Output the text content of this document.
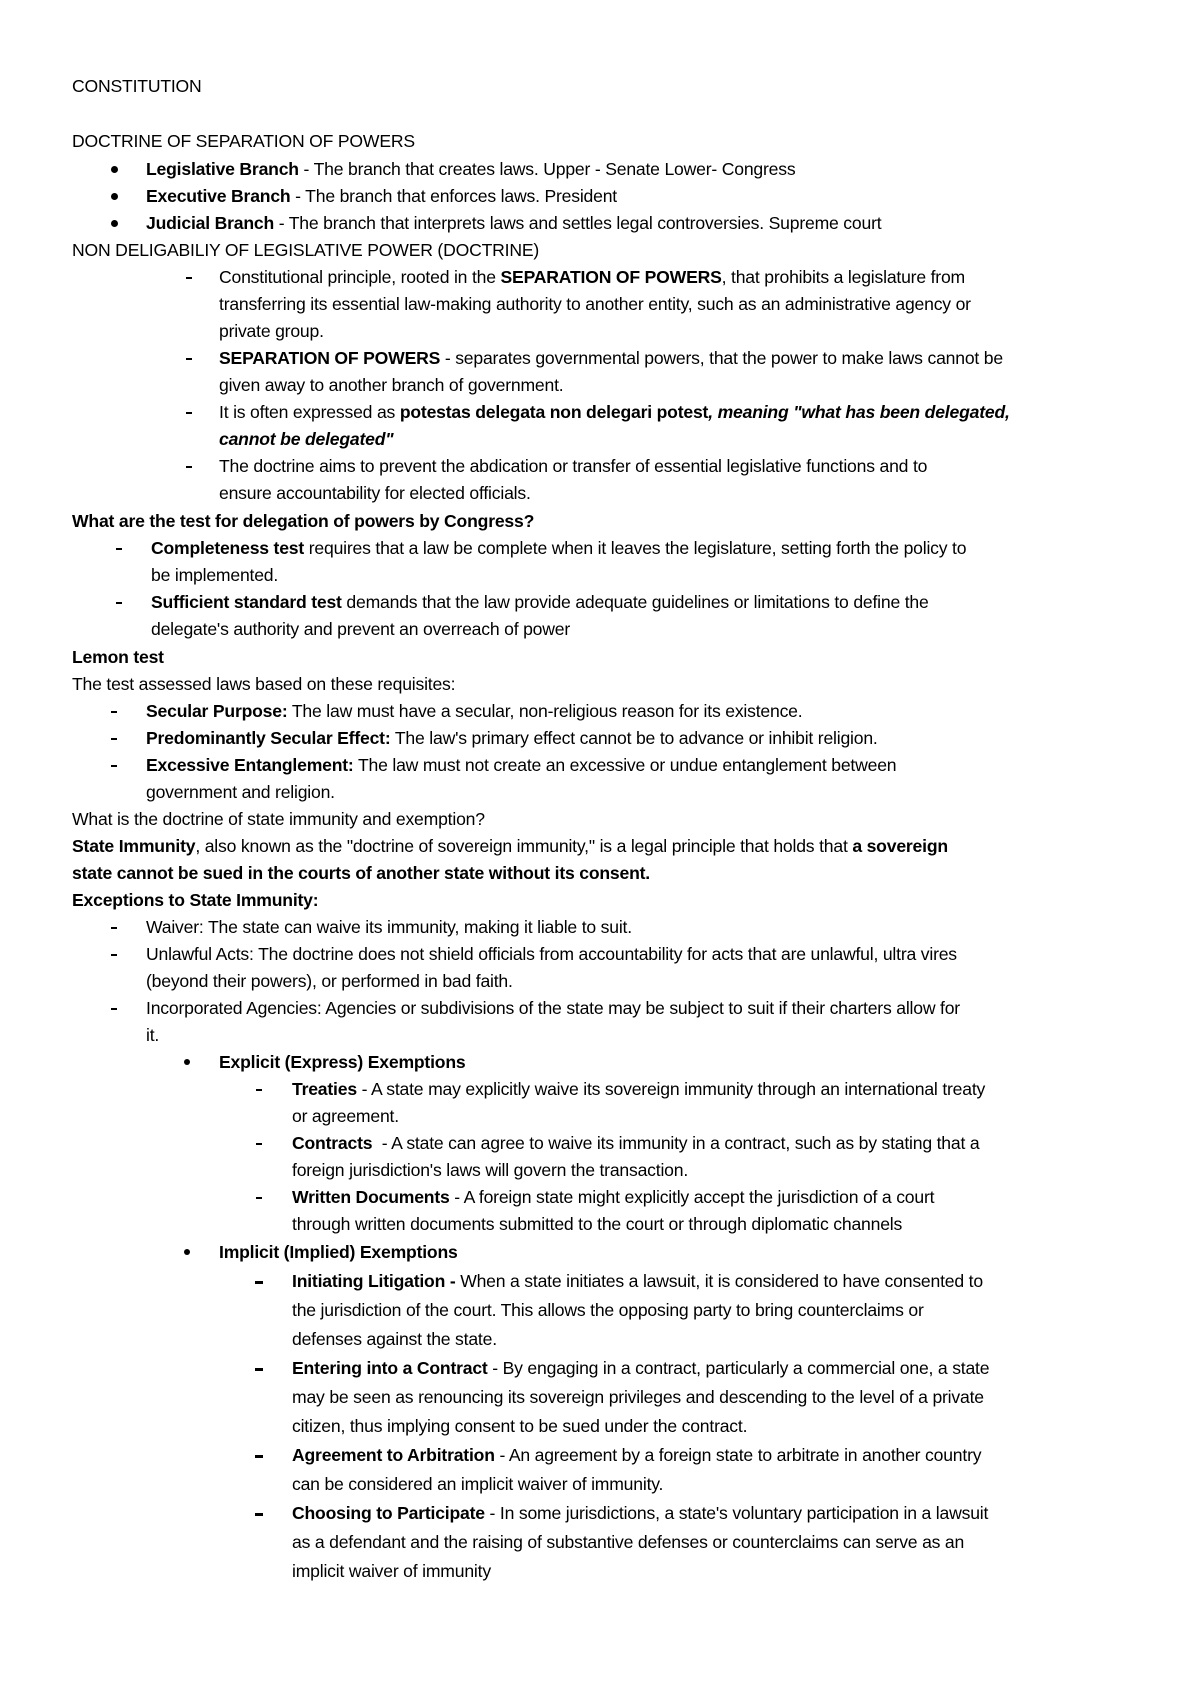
CONSTITUTION
DOCTRINE OF SEPARATION OF POWERS
Legislative Branch - The branch that creates laws. Upper - Senate Lower- Congress
Executive Branch - The branch that enforces laws. President
Judicial Branch - The branch that interprets laws and settles legal controversies. Supreme court
NON DELIGABILIY OF LEGISLATIVE POWER (DOCTRINE)
Constitutional principle, rooted in the SEPARATION OF POWERS, that prohibits a legislature from
transferring its essential law-making authority to another entity, such as an administrative agency or
private group.
SEPARATION OF POWERS - separates governmental powers, that the power to make laws cannot be
given away to another branch of government.
It is often expressed as potestas delegata non delegari potest, meaning "what has been delegated,
cannot be delegated"
The doctrine aims to prevent the abdication or transfer of essential legislative functions and to
ensure accountability for elected officials.
What are the test for delegation of powers by Congress?
Completeness test requires that a law be complete when it leaves the legislature, setting forth the policy to
be implemented.
Sufficient standard test demands that the law provide adequate guidelines or limitations to define the
delegate's authority and prevent an overreach of power
Lemon test
The test assessed laws based on these requisites:
Secular Purpose: The law must have a secular, non-religious reason for its existence.
Predominantly Secular Effect: The law's primary effect cannot be to advance or inhibit religion.
Excessive Entanglement: The law must not create an excessive or undue entanglement between
government and religion.
What is the doctrine of state immunity and exemption?
State Immunity, also known as the "doctrine of sovereign immunity," is a legal principle that holds that a sovereign
state cannot be sued in the courts of another state without its consent.
Exceptions to State Immunity:
Waiver: The state can waive its immunity, making it liable to suit.
Unlawful Acts: The doctrine does not shield officials from accountability for acts that are unlawful, ultra vires
(beyond their powers), or performed in bad faith.
Incorporated Agencies: Agencies or subdivisions of the state may be subject to suit if their charters allow for
it.
Explicit (Express) Exemptions
Treaties - A state may explicitly waive its sovereign immunity through an international treaty
or agreement.
Contracts  - A state can agree to waive its immunity in a contract, such as by stating that a
foreign jurisdiction's laws will govern the transaction.
Written Documents - A foreign state might explicitly accept the jurisdiction of a court
through written documents submitted to the court or through diplomatic channels
Implicit (Implied) Exemptions
Initiating Litigation - When a state initiates a lawsuit, it is considered to have consented to
the jurisdiction of the court. This allows the opposing party to bring counterclaims or
defenses against the state.
Entering into a Contract - By engaging in a contract, particularly a commercial one, a state
may be seen as renouncing its sovereign privileges and descending to the level of a private
citizen, thus implying consent to be sued under the contract.
Agreement to Arbitration - An agreement by a foreign state to arbitrate in another country
can be considered an implicit waiver of immunity.
Choosing to Participate - In some jurisdictions, a state's voluntary participation in a lawsuit
as a defendant and the raising of substantive defenses or counterclaims can serve as an
implicit waiver of immunity
